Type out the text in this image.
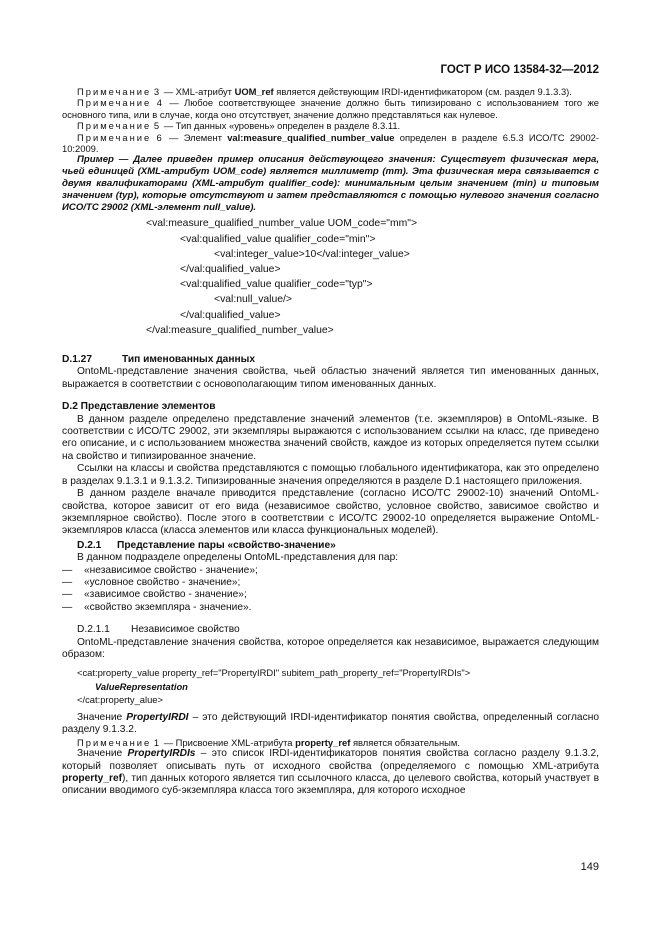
ГОСТ Р ИСО 13584-32—2012

Примечание 3 — XML-атрибут UOM_ref является действующим IRDI-идентификатором (см. раздел 9.1.3.3).

Примечание 4 — Любое соответствующее значение должно быть типизировано с использованием того же основного типа, или в случае, когда оно отсутствует, значение должно представляться как нулевое.

Примечание 5 — Тип данных «уровень» определен в разделе 8.3.11.

Примечание 6 — Элемент val:measure_qualified_number_value определен в разделе 6.5.3 ИСО/ТС 29002-10:2009.

Пример — Далее приведен пример описания действующего значения: Существует физическая мера, чьей единицей (XML-атрибут UOM_code) является миллиметр (mm). Эта физическая мера связывается с двумя квалификаторами (XML-атрибут qualifier_code): минимальным целым значением (min) и типовым значением (typ), которые отсутствуют и затем представляются с помощью нулевого значения согласно ИСО/ТС 29002 (XML-элемент null_value).

<val:measure_qualified_number_value UOM_code="mm">
<val:qualified_value qualifier_code="min">
<val:integer_value>10</val:integer_value>
</val:qualified_value>
<val:qualified_value qualifier_code="typ">
<val:null_value/>
</val:qualified_value>
</val:measure_qualified_number_value>
D.1.27	Тип именованных данных

OntoML-представление значения свойства, чьей областью значений является тип именованных данных, выражается в соответствии с основополагающим типом именованных данных.

D.2 Представление элементов

В данном разделе определено представление значений элементов (т.е. экземпляров) в OntoML-языке. В соответствии с ИСО/ТС 29002, эти экземпляры выражаются с использованием ссылки на класс, где приведено его описание, и с использованием множества значений свойств, каждое из которых определяется путем ссылки на свойство и типизированное значение.

Ссылки на классы и свойства представляются с помощью глобального идентификатора, как это определено в разделах 9.1.3.1 и 9.1.3.2. Типизированные значения определяются в разделе D.1 настоящего приложения.

В данном разделе вначале приводится представление (согласно ИСО/ТС 29002-10) значений OntoML-свойства, которое зависит от его вида (независимое свойство, условное свойство, зависимое свойство и экземплярное свойство). После этого в соответствии с ИСО/ТС 29002-10 определяется выражение OntoML-экземпляров класса (класса элементов или класса функциональных моделей).

D.2.1 Представление пары «свойство-значение»

В данном подразделе определены OntoML-представления для пар:

— «независимое свойство - значение»;
— «условное свойство - значение»;
— «зависимое свойство - значение»;
— «свойство экземпляра - значение».
D.2.1.1 Независимое свойство

OntoML-представление значения свойства, которое определяется как независимое, выражается следующим образом:

<cat:property_value property_ref="PropertyIRDI" subitem_path_property_ref="PropertyIRDIs">
ValueRepresentation
</cat:property_alue>

Значение PropertyIRDI – это действующий IRDI-идентификатор понятия свойства, определенный согласно разделу 9.1.3.2.

Примечание 1 — Присвоение XML-атрибута property_ref является обязательным.

Значение PropertyIRDIs – это список IRDI-идентификаторов понятия свойства согласно разделу 9.1.3.2, который позволяет описывать путь от исходного свойства (определяемого с помощью XML-атрибута property_ref), тип данных которого является тип ссылочного класса, до целевого свойства, который участвует в описании вводимого суб-экземпляра класса того экземпляра, для которого исходное

149
